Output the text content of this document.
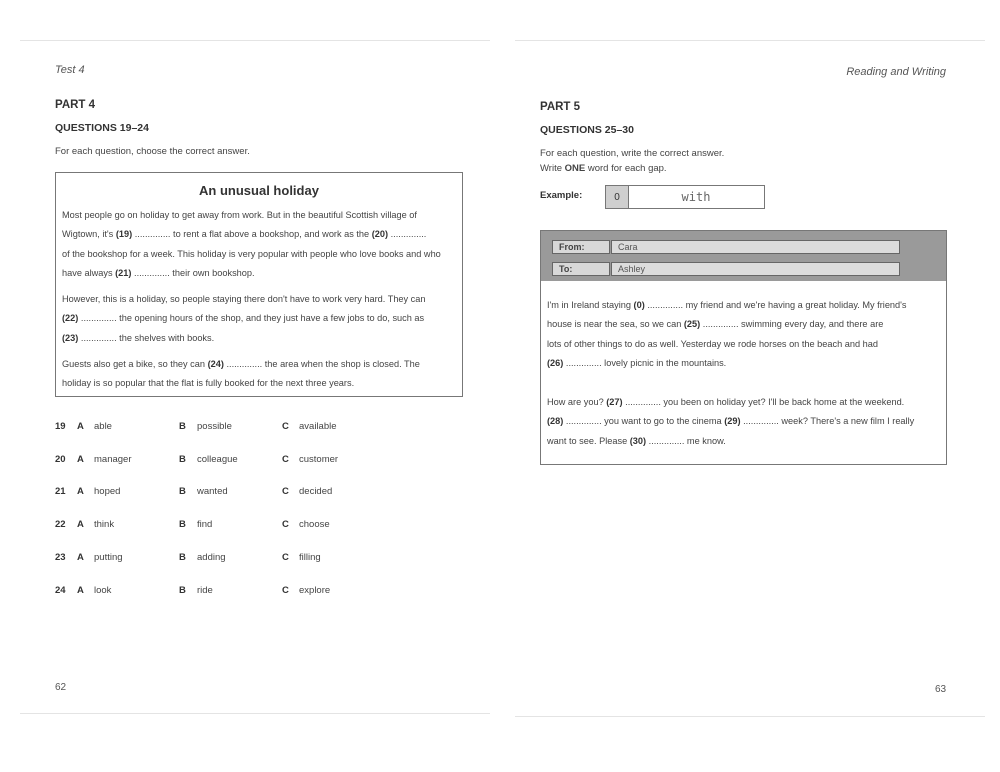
Test 4
PART 4
QUESTIONS 19–24
For each question, choose the correct answer.
An unusual holiday

Most people go on holiday to get away from work. But in the beautiful Scottish village of

Wigtown, it's (19) .............. to rent a flat above a bookshop, and work as the (20) ..............

of the bookshop for a week. This holiday is very popular with people who love books and who

have always (21) .............. their own bookshop.

However, this is a holiday, so people staying there don't have to work very hard. They can

(22) .............. the opening hours of the shop, and they just have a few jobs to do, such as

(23) .............. the shelves with books.

Guests also get a bike, so they can (24) .............. the area when the shop is closed. The

holiday is so popular that the flat is fully booked for the next three years.

19 A able	B possible	C available
20 A manager	B colleague	C customer
21 A hoped	B wanted	C decided
22 A think	B find	C choose
23 A putting	B adding	C filling
24 A look	B ride	C explore
62
Reading and Writing
PART 5
QUESTIONS 25–30
For each question, write the correct answer.
Write ONE word for each gap.
Example:	0	with
From:	Cara
To:	Ashley

I'm in Ireland staying (0) .............. my friend and we're having a great holiday. My friend's

house is near the sea, so we can (25) .............. swimming every day, and there are

lots of other things to do as well. Yesterday we rode horses on the beach and had

(26) .............. lovely picnic in the mountains.

How are you? (27) .............. you been on holiday yet? I'll be back home at the weekend.

(28) .............. you want to go to the cinema (29) .............. week? There's a new film I really

want to see. Please (30) .............. me know.

63
